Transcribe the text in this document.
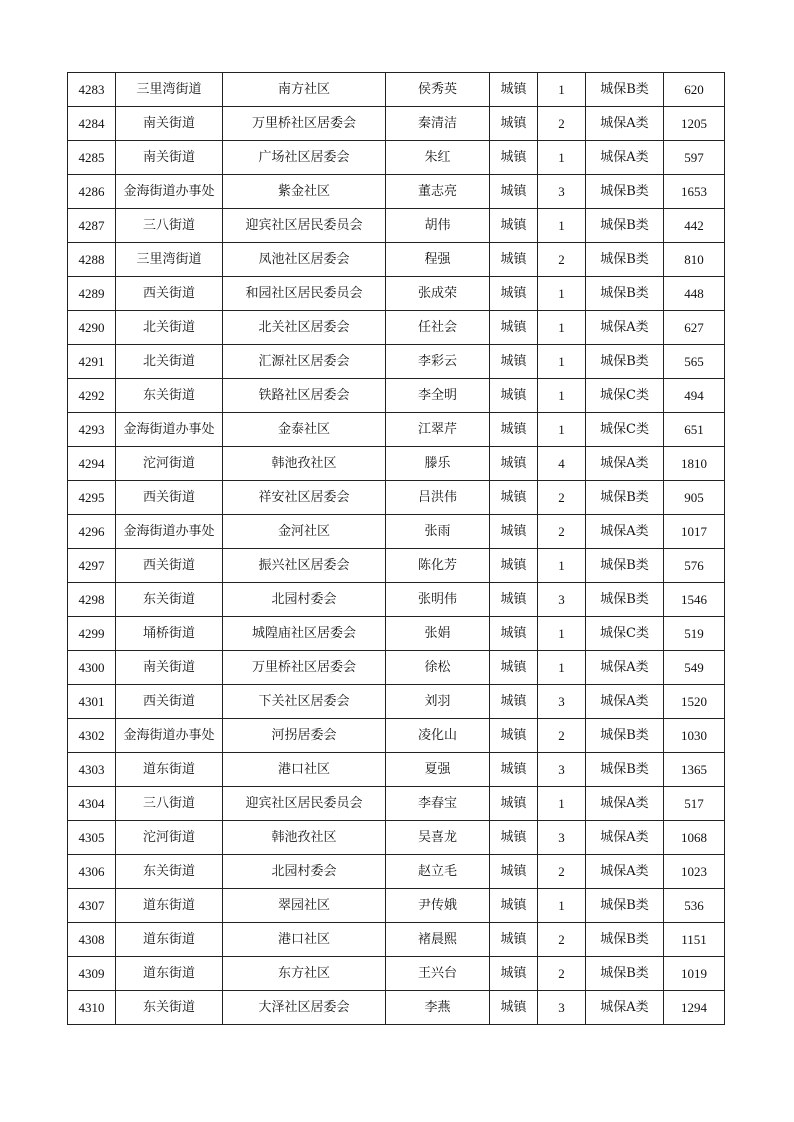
4283	三里湾街道	南方社区	侯秀英	城镇	1	城保B类	620
4284	南关街道	万里桥社区居委会	秦清洁	城镇	2	城保A类	1205
4285	南关街道	广场社区居委会	朱红	城镇	1	城保A类	597
4286	金海街道办事处	紫金社区	董志亮	城镇	3	城保B类	1653
4287	三八街道	迎宾社区居民委员会	胡伟	城镇	1	城保B类	442
4288	三里湾街道	凤池社区居委会	程强	城镇	2	城保B类	810
4289	西关街道	和园社区居民委员会	张成荣	城镇	1	城保B类	448
4290	北关街道	北关社区居委会	任社会	城镇	1	城保A类	627
4291	北关街道	汇源社区居委会	李彩云	城镇	1	城保B类	565
4292	东关街道	铁路社区居委会	李全明	城镇	1	城保C类	494
4293	金海街道办事处	金泰社区	江翠芹	城镇	1	城保C类	651
4294	沱河街道	韩池孜社区	滕乐	城镇	4	城保A类	1810
4295	西关街道	祥安社区居委会	吕洪伟	城镇	2	城保B类	905
4296	金海街道办事处	金河社区	张雨	城镇	2	城保A类	1017
4297	西关街道	振兴社区居委会	陈化芳	城镇	1	城保B类	576
4298	东关街道	北园村委会	张明伟	城镇	3	城保B类	1546
4299	埇桥街道	城隍庙社区居委会	张娟	城镇	1	城保C类	519
4300	南关街道	万里桥社区居委会	徐松	城镇	1	城保A类	549
4301	西关街道	下关社区居委会	刘羽	城镇	3	城保A类	1520
4302	金海街道办事处	河拐居委会	凌化山	城镇	2	城保B类	1030
4303	道东街道	港口社区	夏强	城镇	3	城保B类	1365
4304	三八街道	迎宾社区居民委员会	李春宝	城镇	1	城保A类	517
4305	沱河街道	韩池孜社区	吴喜龙	城镇	3	城保A类	1068
4306	东关街道	北园村委会	赵立毛	城镇	2	城保A类	1023
4307	道东街道	翠园社区	尹传娥	城镇	1	城保B类	536
4308	道东街道	港口社区	褚晨熙	城镇	2	城保B类	1151
4309	道东街道	东方社区	王兴台	城镇	2	城保B类	1019
4310	东关街道	大泽社区居委会	李燕	城镇	3	城保A类	1294
